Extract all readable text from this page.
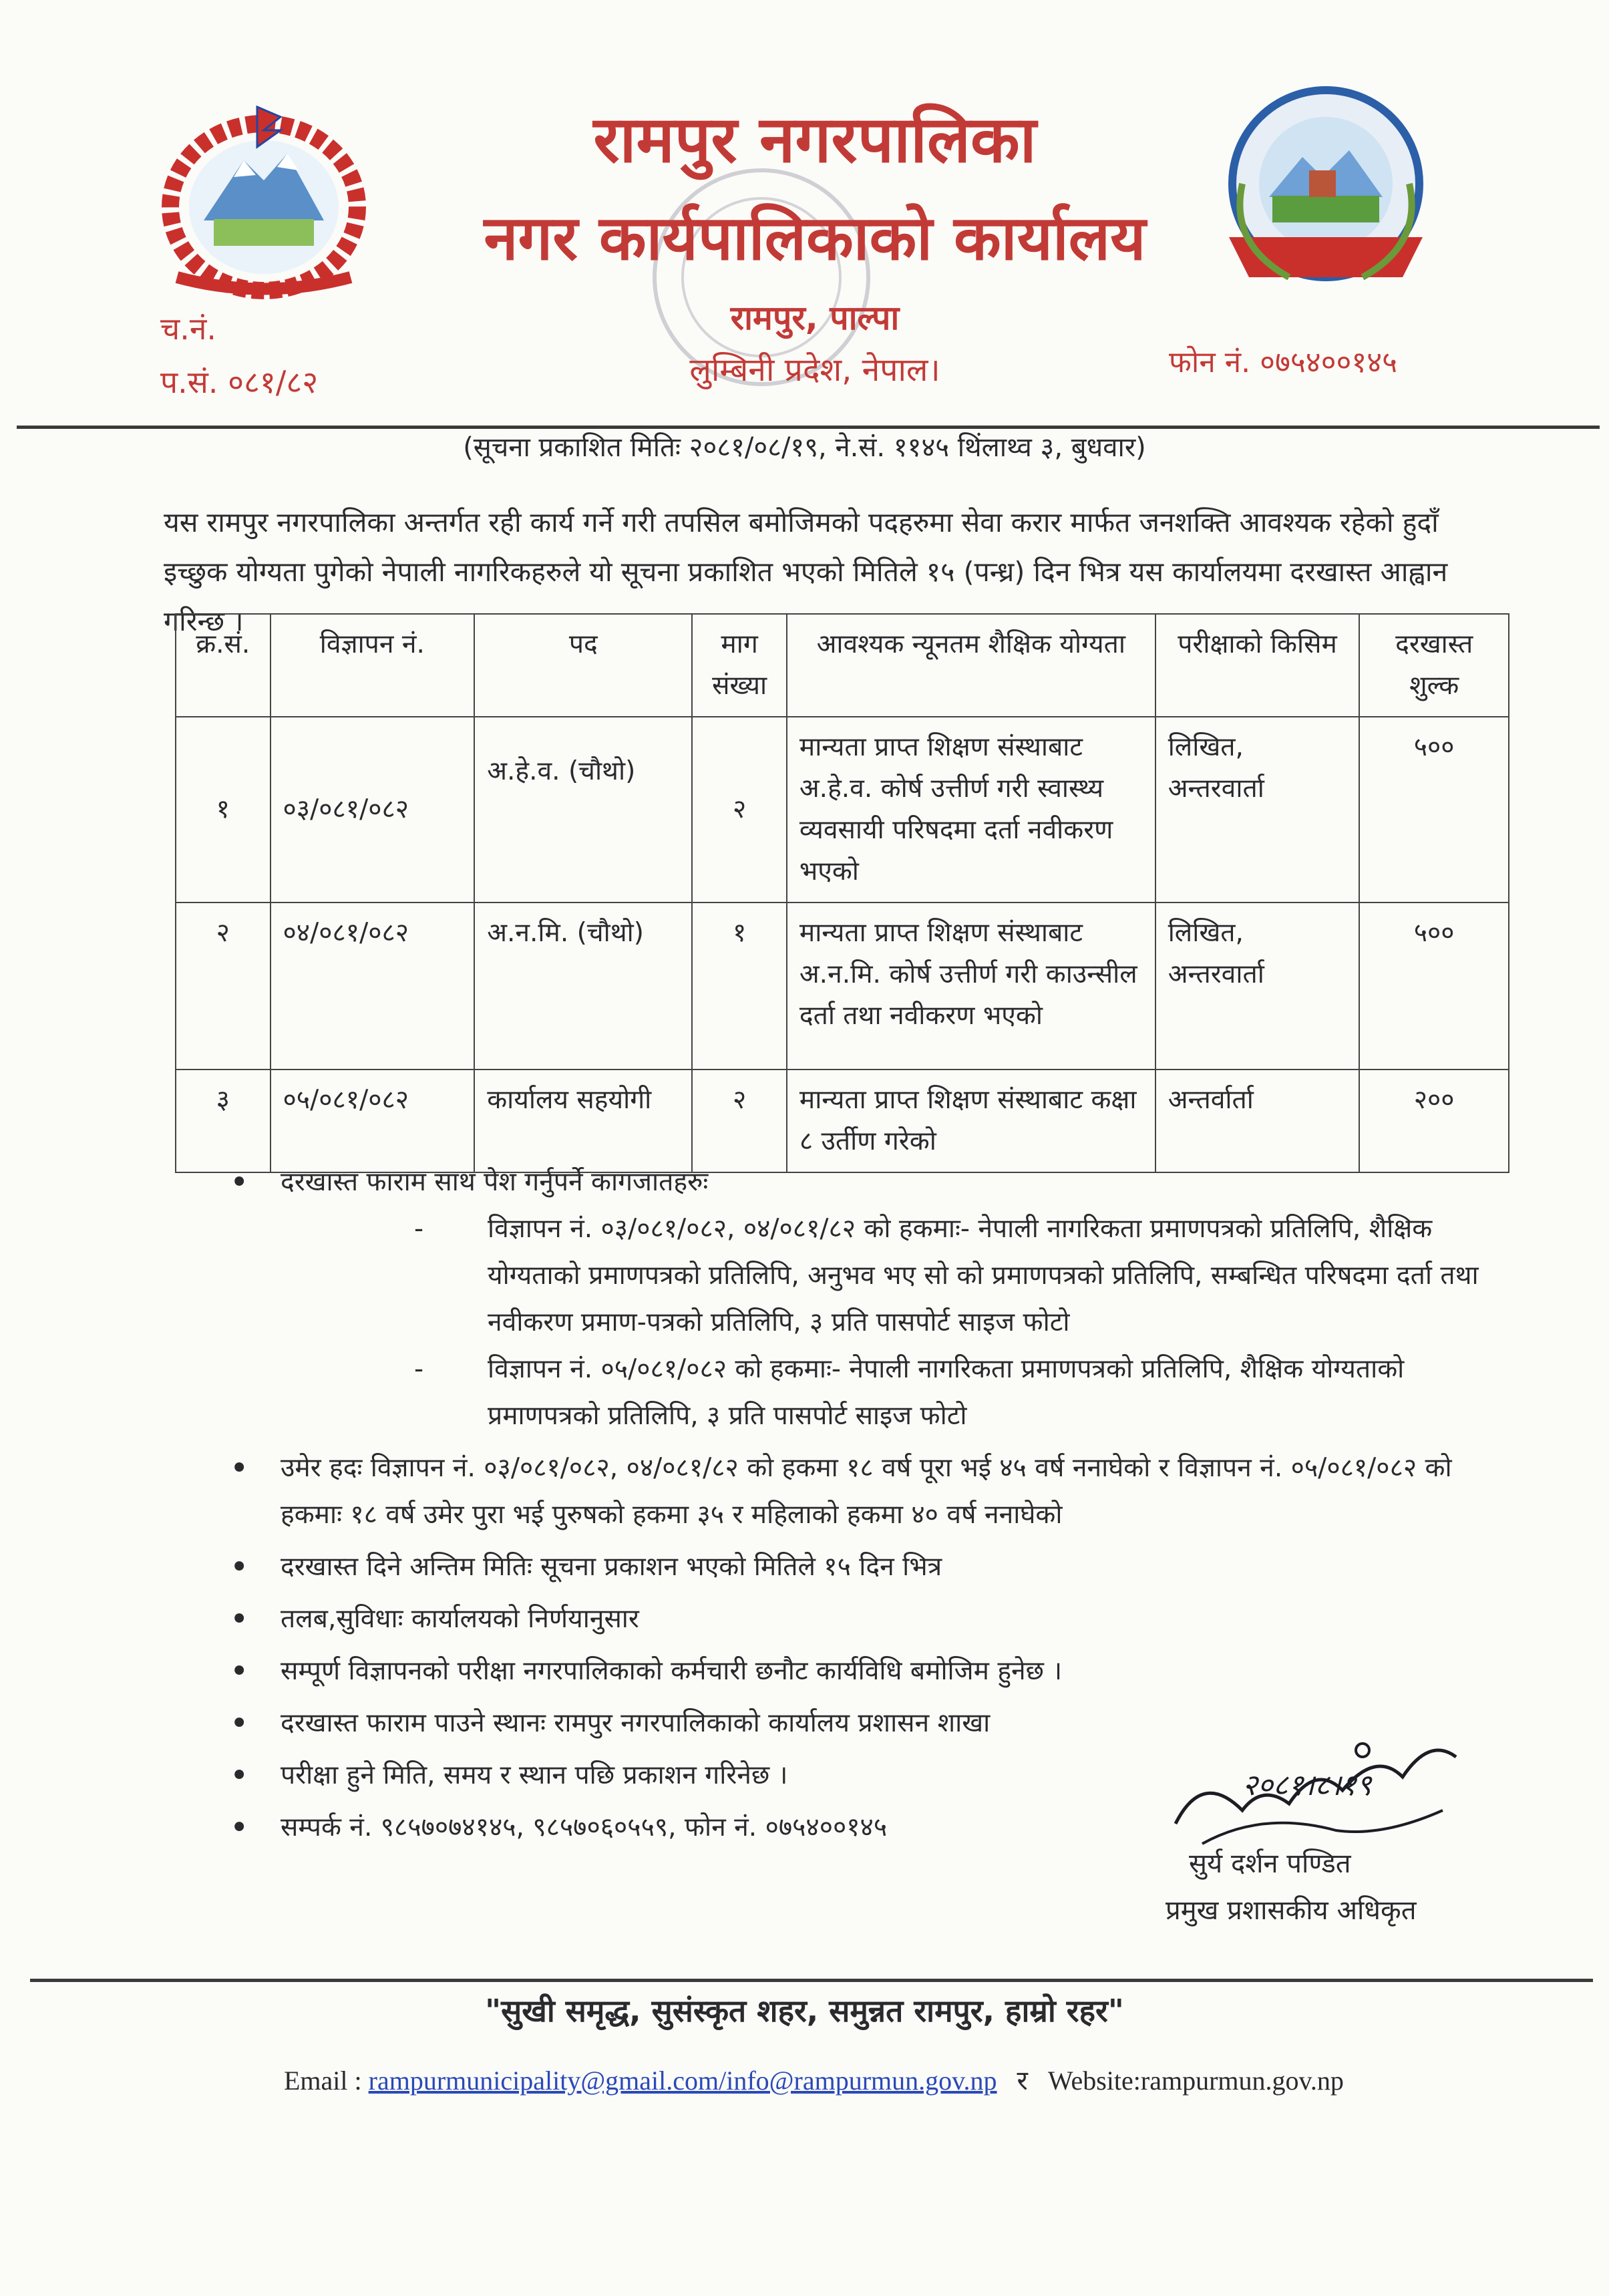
रामपुर नगरपालिका
नगर कार्यपालिकाको कार्यालय
रामपुर, पाल्पा
लुम्बिनी प्रदेश, नेपाल।
च.नं.
प.सं. ०८१/८२
फोन नं. ०७५४००१४५
(सूचना प्रकाशित मितिः २०८१/०८/१९, ने.सं. ११४५ थिंलाथ्व ३, बुधवार)
यस रामपुर नगरपालिका अन्तर्गत रही कार्य गर्ने गरी तपसिल बमोजिमको पदहरुमा सेवा करार मार्फत जनशक्ति आवश्यक रहेको हुदाँ इच्छुक योग्यता पुगेको नेपाली नागरिकहरुले यो सूचना प्रकाशित भएको मितिले १५ (पन्ध्र) दिन भित्र यस कार्यालयमा दरखास्त आह्वान गरिन्छ ।
क्र.सं.	विज्ञापन नं.	पद	माग संख्या	आवश्यक न्यूनतम शैक्षिक योग्यता	परीक्षाको किसिम	दरखास्त शुल्क
१	०३/०८१/०८२	अ.हे.व. (चौथो)	२	मान्यता प्राप्त शिक्षण संस्थाबाट अ.हे.व. कोर्ष उत्तीर्ण गरी स्वास्थ्य व्यवसायी परिषदमा दर्ता नवीकरण भएको	लिखित, अन्तरवार्ता	५००
२	०४/०८१/०८२	अ.न.मि. (चौथो)	१	मान्यता प्राप्त शिक्षण संस्थाबाट अ.न.मि. कोर्ष उत्तीर्ण गरी काउन्सील दर्ता तथा नवीकरण भएको	लिखित, अन्तरवार्ता	५००
३	०५/०८१/०८२	कार्यालय सहयोगी	२	मान्यता प्राप्त शिक्षण संस्थाबाट कक्षा ८ उर्तीण गरेको	अन्तर्वार्ता	२००
• दरखास्त फाराम साथ पेश गर्नुपर्ने कागजातहरुः
- विज्ञापन नं. ०३/०८१/०८२, ०४/०८१/८२ को हकमाः- नेपाली नागरिकता प्रमाणपत्रको प्रतिलिपि, शैक्षिक योग्यताको प्रमाणपत्रको प्रतिलिपि, अनुभव भए सो को प्रमाणपत्रको प्रतिलिपि, सम्बन्धित परिषदमा दर्ता तथा नवीकरण प्रमाण-पत्रको प्रतिलिपि, ३ प्रति पासपोर्ट साइज फोटो
- विज्ञापन नं. ०५/०८१/०८२ को हकमाः- नेपाली नागरिकता प्रमाणपत्रको प्रतिलिपि, शैक्षिक योग्यताको प्रमाणपत्रको प्रतिलिपि, ३ प्रति पासपोर्ट साइज फोटो
• उमेर हदः विज्ञापन नं. ०३/०८१/०८२, ०४/०८१/८२ को हकमा १८ वर्ष पूरा भई ४५ वर्ष ननाघेको र विज्ञापन नं. ०५/०८१/०८२ को हकमाः १८ वर्ष उमेर पुरा भई पुरुषको हकमा ३५ र महिलाको हकमा ४० वर्ष ननाघेको
• दरखास्त दिने अन्तिम मितिः सूचना प्रकाशन भएको मितिले १५ दिन भित्र
• तलब,सुविधाः कार्यालयको निर्णयानुसार
• सम्पूर्ण विज्ञापनको परीक्षा नगरपालिकाको कर्मचारी छनौट कार्यविधि बमोजिम हुनेछ ।
• दरखास्त फाराम पाउने स्थानः रामपुर नगरपालिकाको कार्यालय प्रशासन शाखा
• परीक्षा हुने मिति, समय र स्थान पछि प्रकाशन गरिनेछ ।
• सम्पर्क नं. ९८५७०७४१४५, ९८५७०६०५५९, फोन नं. ०७५४००१४५
२०८१।८।१९
सुर्य दर्शन पण्डित
प्रमुख प्रशासकीय अधिकृत
"सुखी समृद्ध, सुसंस्कृत शहर, समुन्नत रामपुर, हाम्रो रहर"
Email : rampurmunicipality@gmail.com/info@rampurmun.gov.np र Website:rampurmun.gov.np
